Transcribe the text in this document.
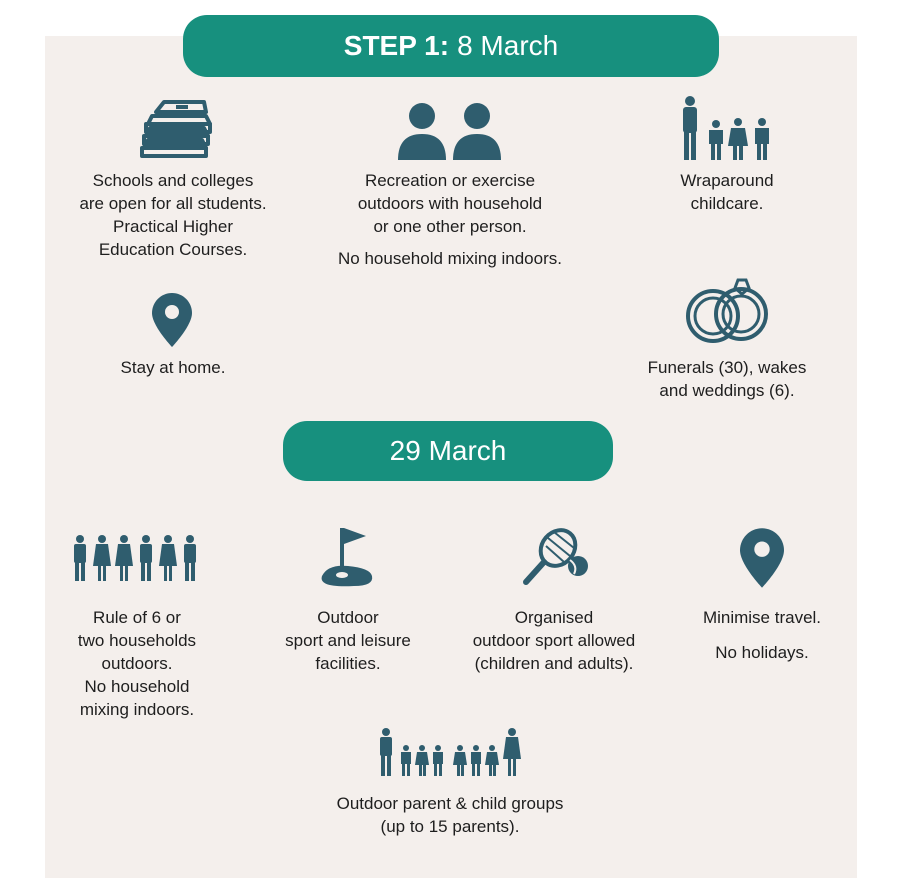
STEP 1: 8 March
Schools and colleges
are open for all students.
Practical Higher
Education Courses.
Recreation or exercise
outdoors with household
or one other person.
No household mixing indoors.
Wraparound
childcare.
Stay at home.	Funerals (30), wakes
and weddings (6).
29 March
Rule of 6 or
two households
outdoors.
No household
mixing indoors.
Outdoor
sport and leisure
facilities.
Organised
outdoor sport allowed
(children and adults).
Minimise travel.
No holidays.
Outdoor parent & child groups
(up to 15 parents).
